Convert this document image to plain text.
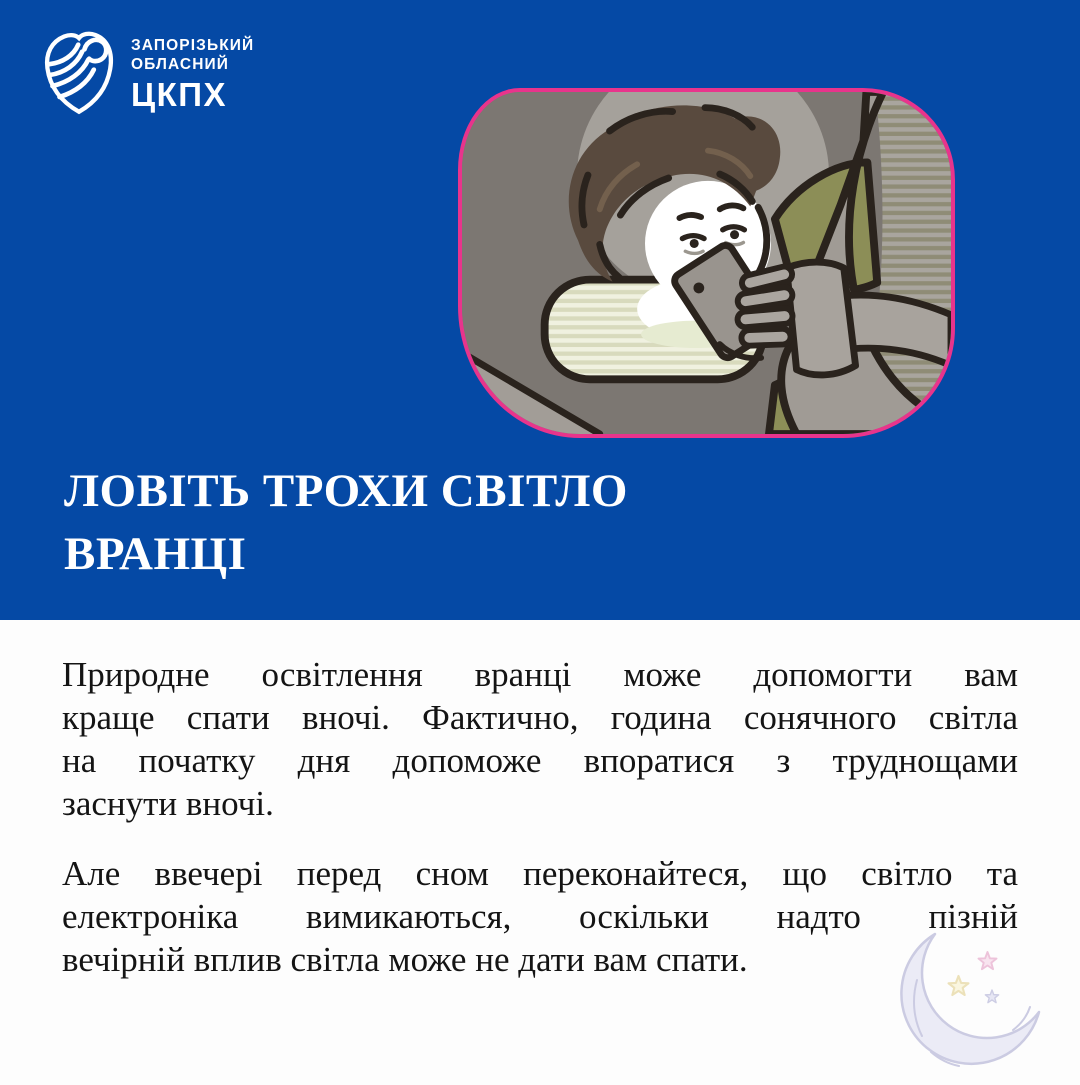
ЗАПОРІЗЬКИЙ
ОБЛАСНИЙ
ЦКПХ
ЛОВІТЬ ТРОХИ СВІТЛО
ВРАНЦІ

Природне освітлення вранці може допомогти вам
краще спати вночі. Фактично, година сонячного світла
на початку дня допоможе впоратися з труднощами
заснути вночі.

Але ввечері перед сном переконайтеся, що світло та
електроніка вимикаються, оскільки надто пізній
вечірній вплив світла може не дати вам спати.
